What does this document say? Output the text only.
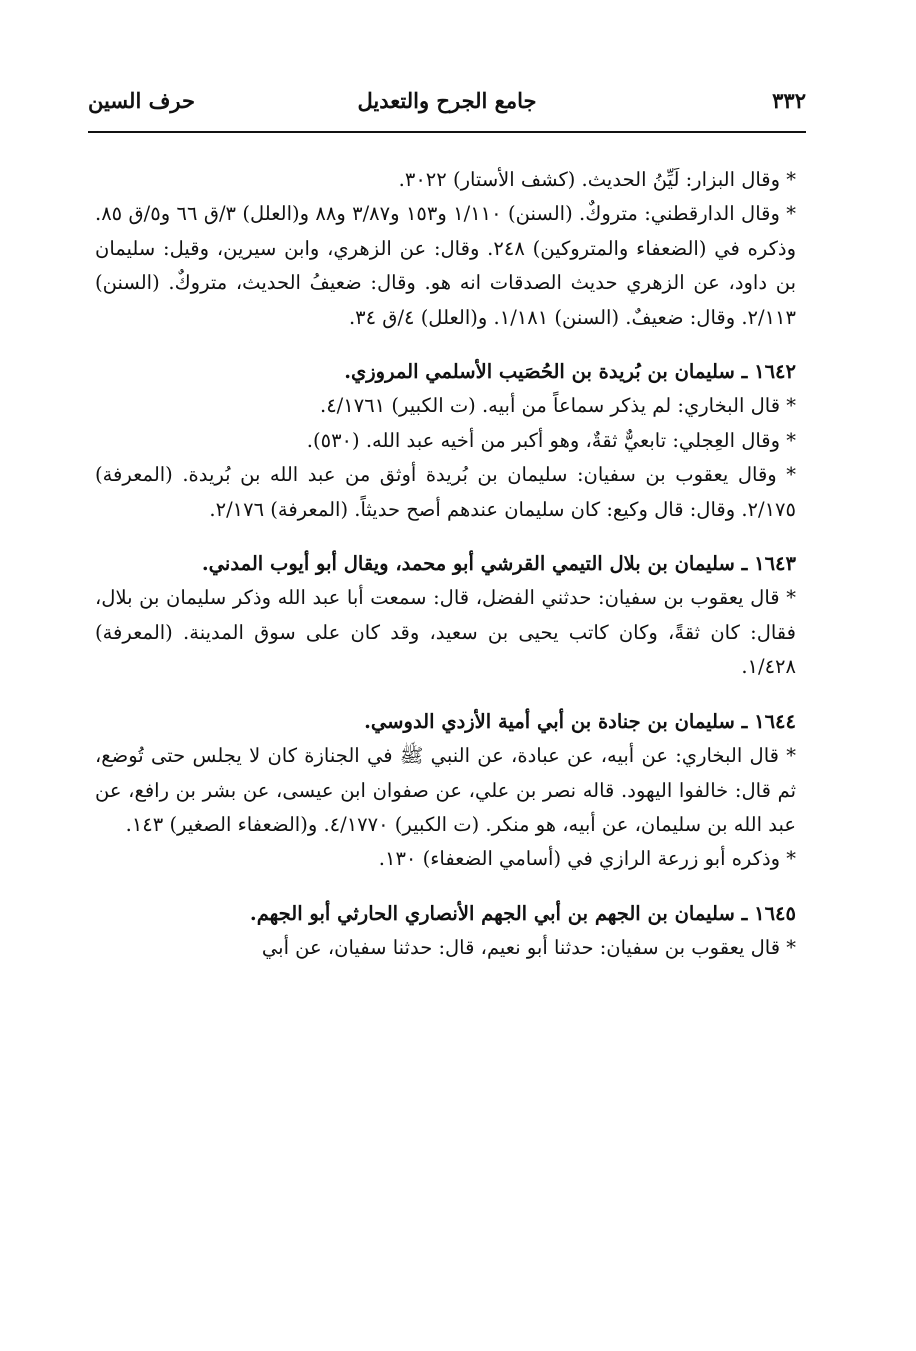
٣٣٢
جامع الجرح والتعديل
حرف السين

* وقال البزار: لَيِّنُ الحديث. (كشف الأستار) ٣٠٢٢.

* وقال الدارقطني: متروكٌ. (السنن) ١/١١٠ و١٥٣ و٣/٨٧ و٨٨ و(العلل) ٣/ق ٦٦ و٥/ق ٨٥. وذكره في (الضعفاء والمتروكين) ٢٤٨. وقال: عن الزهري، وابن سيرين، وقيل: سليمان بن داود، عن الزهري حديث الصدقات انه هو. وقال: ضعيفُ الحديث، متروكٌ. (السنن) ٢/١١٣. وقال: ضعيفٌ. (السنن) ١/١٨١. و(العلل) ٤/ق ٣٤.

١٦٤٢ ـ سليمان بن بُريدة بن الحُصَيب الأسلمي المروزي.

* قال البخاري: لم يذكر سماعاً من أبيه. (ت الكبير) ٤/١٧٦١.

* وقال العِجلي: تابعيٌّ ثقةٌ، وهو أكبر من أخيه عبد الله. (٥٣٠).

* وقال يعقوب بن سفيان: سليمان بن بُريدة أوثق من عبد الله بن بُريدة. (المعرفة) ٢/١٧٥. وقال: قال وكيع: كان سليمان عندهم أصح حديثاً. (المعرفة) ٢/١٧٦.

١٦٤٣ ـ سليمان بن بلال التيمي القرشي أبو محمد، ويقال أبو أيوب المدني.

* قال يعقوب بن سفيان: حدثني الفضل، قال: سمعت أبا عبد الله وذكر سليمان بن بلال، فقال: كان ثقةً، وكان كاتب يحيى بن سعيد، وقد كان على سوق المدينة. (المعرفة) ١/٤٢٨.

١٦٤٤ ـ سليمان بن جنادة بن أبي أمية الأزدي الدوسي.

* قال البخاري: عن أبيه، عن عبادة، عن النبي ﷺ في الجنازة كان لا يجلس حتى تُوضع، ثم قال: خالفوا اليهود. قاله نصر بن علي، عن صفوان ابن عيسى، عن بشر بن رافع، عن عبد الله بن سليمان، عن أبيه، هو منكر. (ت الكبير) ٤/١٧٧٠. و(الضعفاء الصغير) ١٤٣.

* وذكره أبو زرعة الرازي في (أسامي الضعفاء) ١٣٠.

١٦٤٥ ـ سليمان بن الجهم بن أبي الجهم الأنصاري الحارثي أبو الجهم.

* قال يعقوب بن سفيان: حدثنا أبو نعيم، قال: حدثنا سفيان، عن أبي
